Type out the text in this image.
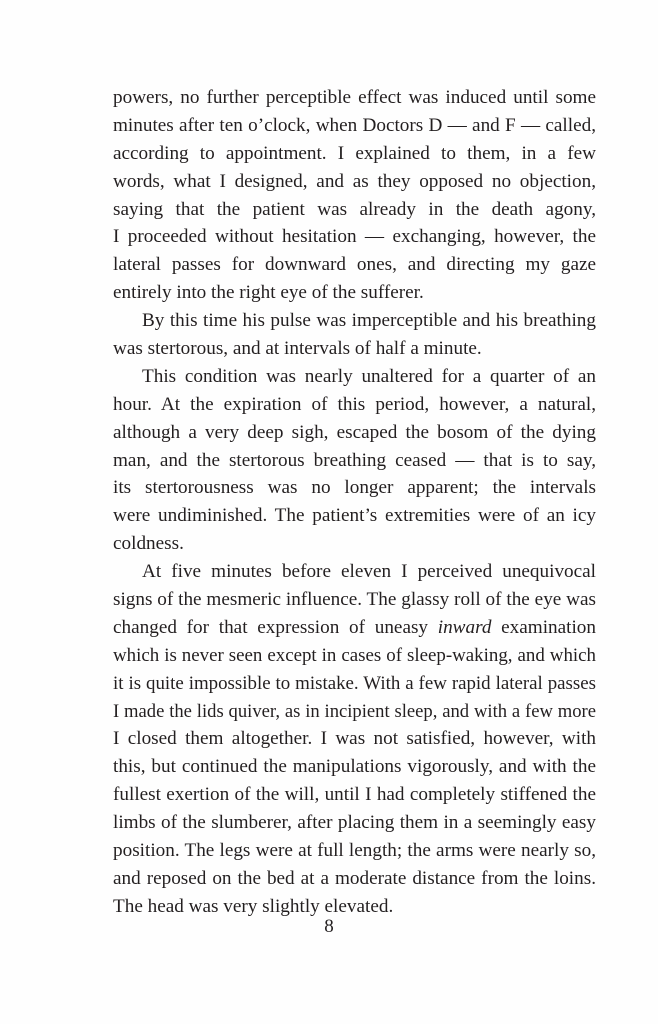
powers, no further perceptible effect was induced until some
minutes after ten o’clock, when Doctors D — and F — called,
according to appointment. I explained to them, in a few
words, what I designed, and as they opposed no objection,
saying that the patient was already in the death agony,
I proceeded without hesitation — exchanging, however, the
lateral passes for downward ones, and directing my gaze
entirely into the right eye of the sufferer.
By this time his pulse was imperceptible and his breathing
was stertorous, and at intervals of half a minute.
This condition was nearly unaltered for a quarter of an
hour. At the expiration of this period, however, a natural,
although a very deep sigh, escaped the bosom of the dying
man, and the stertorous breathing ceased — that is to say,
its stertorousness was no longer apparent; the intervals
were undiminished. The patient’s extremities were of an icy
coldness.
At five minutes before eleven I perceived unequivocal
signs of the mesmeric influence. The glassy roll of the eye was
changed for that expression of uneasy inward examination
which is never seen except in cases of sleep-waking, and which
it is quite impossible to mistake. With a few rapid lateral passes
I made the lids quiver, as in incipient sleep, and with a few more
I closed them altogether. I was not satisfied, however, with
this, but continued the manipulations vigorously, and with the
fullest exertion of the will, until I had completely stiffened the
limbs of the slumberer, after placing them in a seemingly easy
position. The legs were at full length; the arms were nearly so,
and reposed on the bed at a moderate distance from the loins.
The head was very slightly elevated.
8
